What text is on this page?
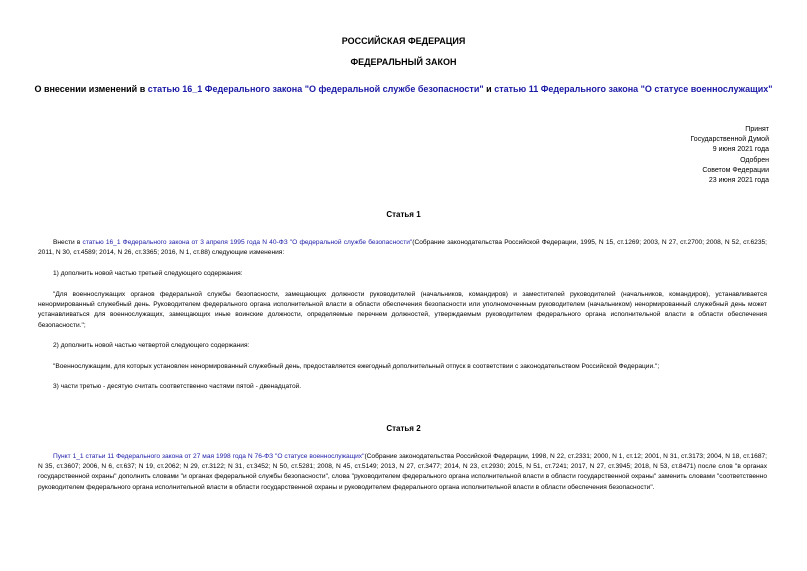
РОССИЙСКАЯ ФЕДЕРАЦИЯ
ФЕДЕРАЛЬНЫЙ ЗАКОН
О внесении изменений в статью 16_1 Федерального закона "О федеральной службе безопасности" и статью 11 Федерального закона "О статусе военнослужащих"
Принят
Государственной Думой
9 июня 2021 года
Одобрен
Советом Федерации
23 июня 2021 года
Статья 1
Внести в статью 16_1 Федерального закона от 3 апреля 1995 года N 40-ФЗ "О федеральной службе безопасности"(Собрание законодательства Российской Федерации, 1995, N 15, ст.1269; 2003, N 27, ст.2700; 2008, N 52, ст.6235; 2011, N 30, ст.4589; 2014, N 26, ст.3365; 2016, N 1, ст.88) следующие изменения:
1) дополнить новой частью третьей следующего содержания:
"Для военнослужащих органов федеральной службы безопасности, замещающих должности руководителей (начальников, командиров) и заместителей руководителей (начальников, командиров), устанавливается ненормированный служебный день. Руководителем федерального органа исполнительной власти в области обеспечения безопасности или уполномоченным руководителем (начальником) ненормированный служебный день может устанавливаться для военнослужащих, замещающих иные воинские должности, определяемые перечнем должностей, утверждаемым руководителем федерального органа исполнительной власти в области обеспечения безопасности.";
2) дополнить новой частью четвертой следующего содержания:
"Военнослужащим, для которых установлен ненормированный служебный день, предоставляется ежегодный дополнительный отпуск в соответствии с законодательством Российской Федерации.";
3) части третью - десятую считать соответственно частями пятой - двенадцатой.
Статья 2
Пункт 1_1 статьи 11 Федерального закона от 27 мая 1998 года N 76-ФЗ "О статусе военнослужащих"(Собрание законодательства Российской Федерации, 1998, N 22, ст.2331; 2000, N 1, ст.12; 2001, N 31, ст.3173; 2004, N 18, ст.1687; N 35, ст.3607; 2006, N 6, ст.637; N 19, ст.2062; N 29, ст.3122; N 31, ст.3452; N 50, ст.5281; 2008, N 45, ст.5149; 2013, N 27, ст.3477; 2014, N 23, ст.2930; 2015, N 51, ст.7241; 2017, N 27, ст.3945; 2018, N 53, ст.8471) после слов "в органах государственной охраны" дополнить словами "и органах федеральной службы безопасности", слова "руководителем федерального органа исполнительной власти в области государственной охраны" заменить словами "соответственно руководителем федерального органа исполнительной власти в области государственной охраны и руководителем федерального органа исполнительной власти в области обеспечения безопасности".
